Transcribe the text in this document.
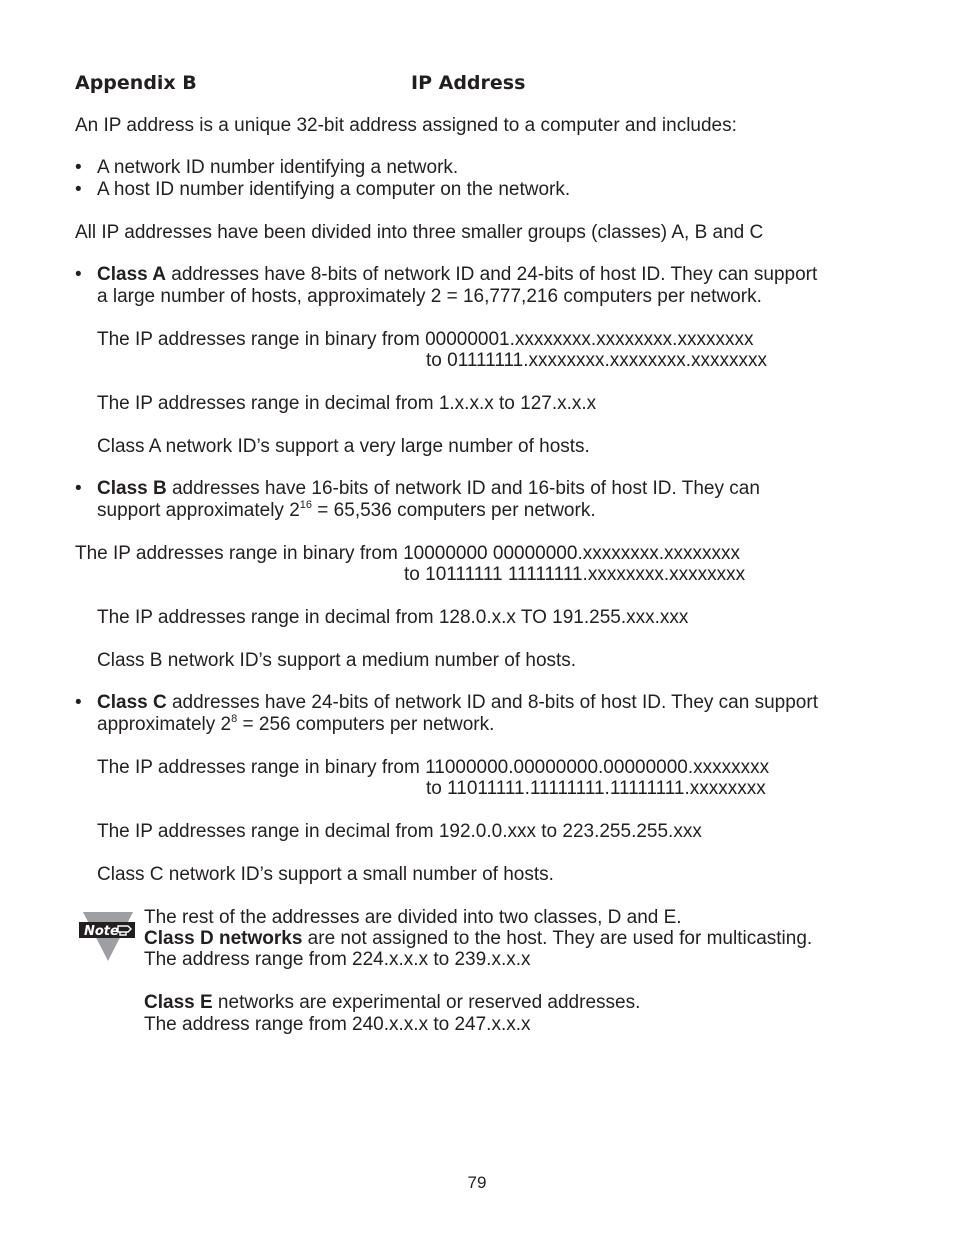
Appendix B	IP Address
An IP address is a unique 32-bit address assigned to a computer and includes:
• A network ID number identifying a network.
• A host ID number identifying a computer on the network.
All IP addresses have been divided into three smaller groups (classes) A, B and C
• Class A addresses have 8-bits of network ID and 24-bits of host ID. They can support
a large number of hosts, approximately 2 = 16,777,216 computers per network.
The IP addresses range in binary from 00000001.xxxxxxxx.xxxxxxxx.xxxxxxxx
to 01111111.xxxxxxxx.xxxxxxxx.xxxxxxxx
The IP addresses range in decimal from 1.x.x.x to 127.x.x.x
Class A network ID’s support a very large number of hosts.
• Class B addresses have 16-bits of network ID and 16-bits of host ID. They can
support approximately $2^{16} = 65,536$ computers per network.
The IP addresses range in binary from 10000000 00000000.xxxxxxxx.xxxxxxxx
to 10111111 11111111.xxxxxxxx.xxxxxxxx
The IP addresses range in decimal from 128.0.x.x TO 191.255.xxx.xxx
Class B network ID’s support a medium number of hosts.
• Class C addresses have 24-bits of network ID and 8-bits of host ID. They can support
approximately $2^8 = 256$ computers per network.
The IP addresses range in binary from 11000000.00000000.00000000.xxxxxxxx
to 11011111.11111111.11111111.xxxxxxxx
The IP addresses range in decimal from 192.0.0.xxx to 223.255.255.xxx
Class C network ID’s support a small number of hosts.
Note
The rest of the addresses are divided into two classes, D and E.
Class D networks are not assigned to the host. They are used for multicasting.
The address range from 224.x.x.x to 239.x.x.x
Class E networks are experimental or reserved addresses.
The address range from 240.x.x.x to 247.x.x.x
79
